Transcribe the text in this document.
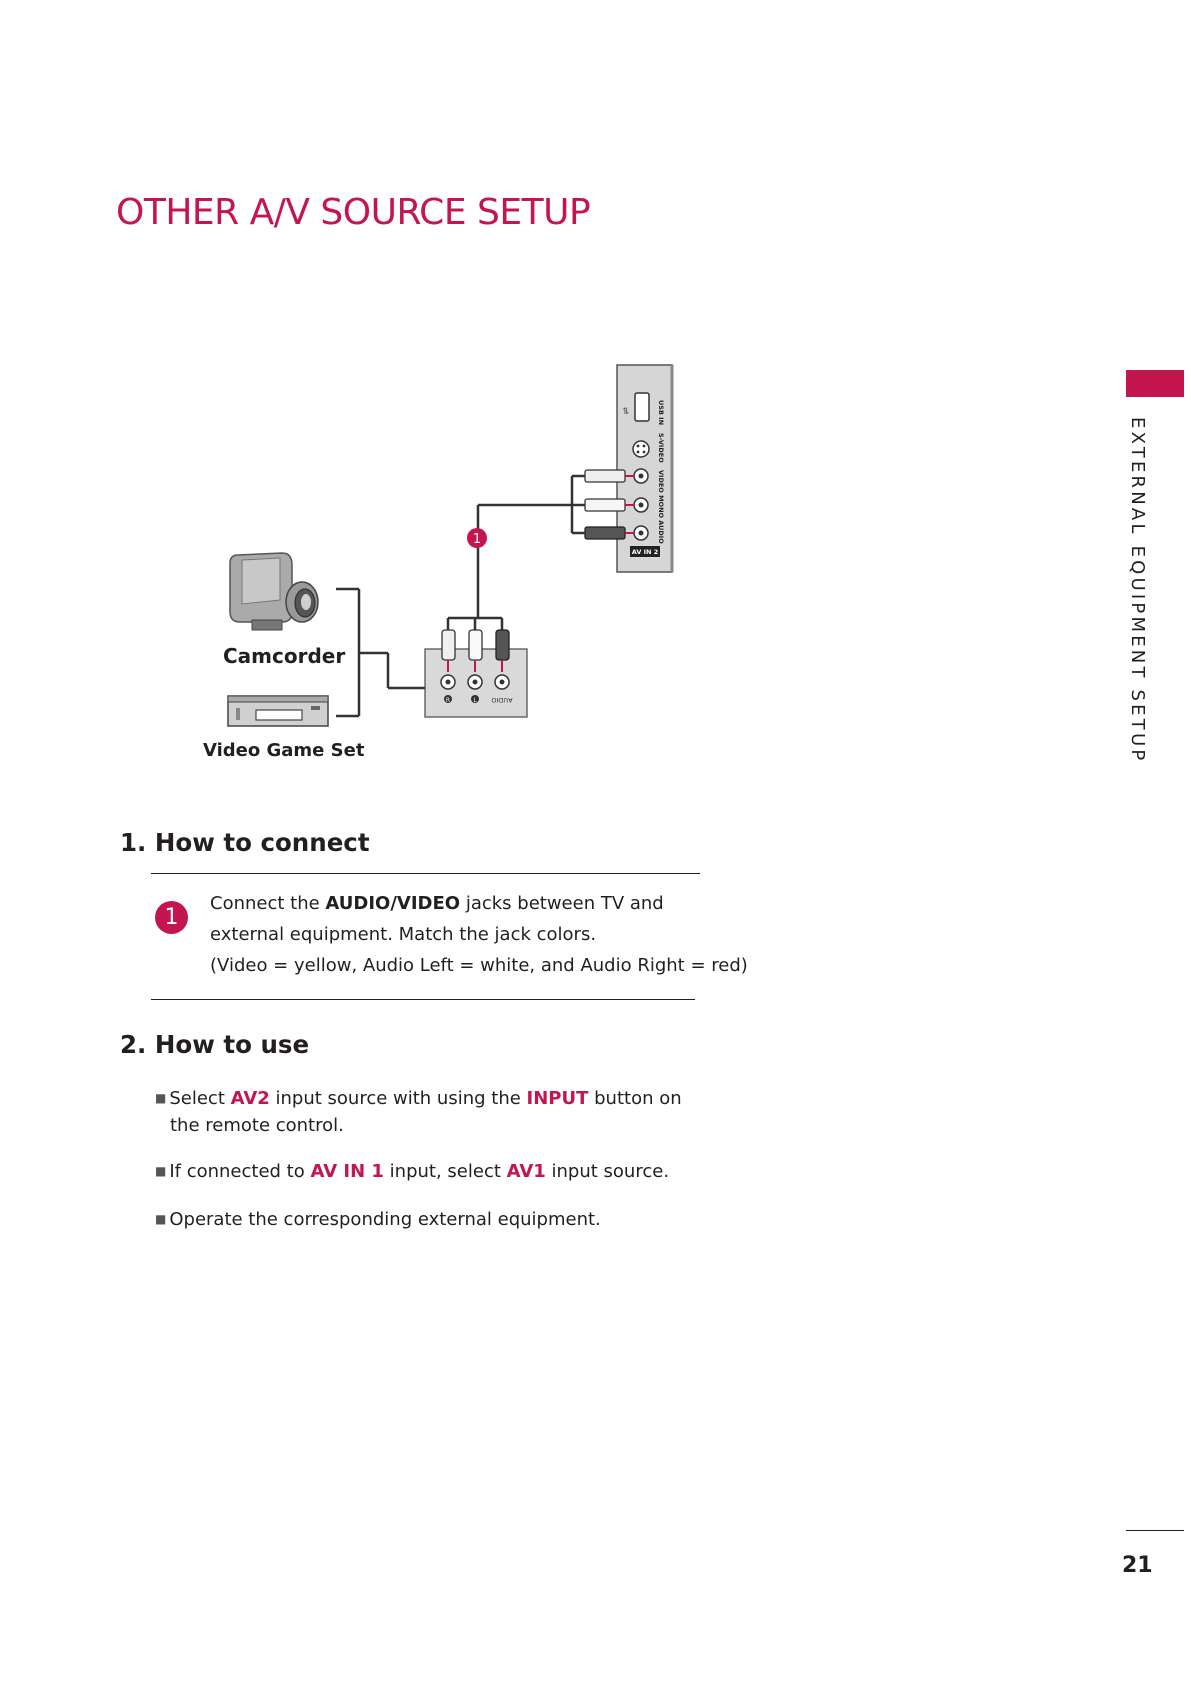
OTHER A/V SOURCE SETUP
EXTERNAL EQUIPMENT SETUP
⇌	USB IN
S-VIDEO
VIDEO MONO AUDIO
AV IN 2
1
R	L AUDIO
Camcorder
Video Game Set
1. How to connect
1

Connect the AUDIO/VIDEO jacks between TV and

external equipment. Match the jack colors.

(Video = yellow, Audio Left = white, and Audio Right = red)

2. How to use
■ Select AV2 input source with using the INPUT button on
the remote control.
■ If connected to AV IN 1 input, select AV1 input source.
■ Operate the corresponding external equipment.
21
